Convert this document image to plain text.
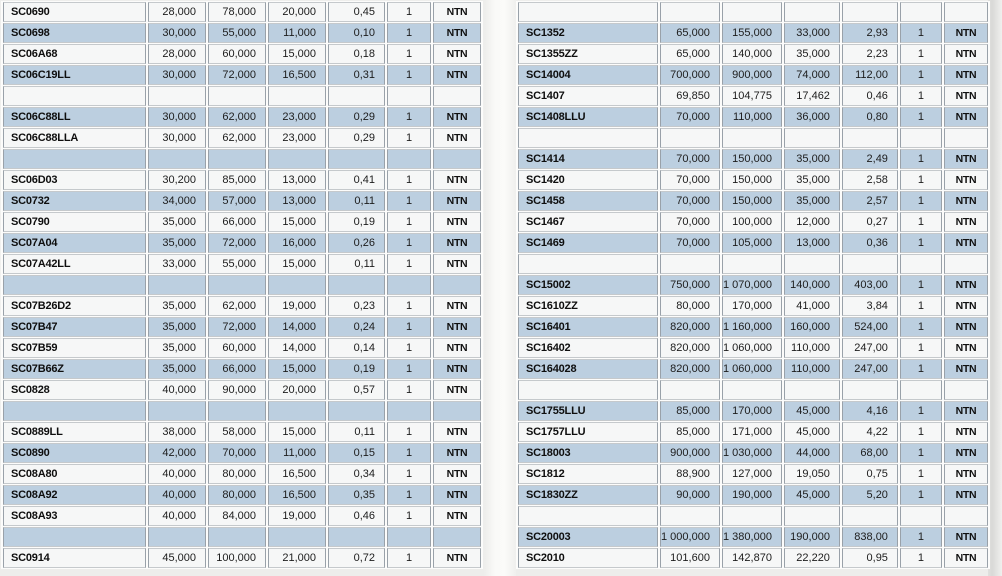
SC0690	28,000	78,000	20,000	0,45	1	NTN
SC0698	30,000	55,000	11,000	0,10	1	NTN
SC06A68	28,000	60,000	15,000	0,18	1	NTN
SC06C19LL	30,000	72,000	16,500	0,31	1	NTN

SC06C88LL	30,000	62,000	23,000	0,29	1	NTN
SC06C88LLA	30,000	62,000	23,000	0,29	1	NTN

SC06D03	30,200	85,000	13,000	0,41	1	NTN
SC0732	34,000	57,000	13,000	0,11	1	NTN
SC0790	35,000	66,000	15,000	0,19	1	NTN
SC07A04	35,000	72,000	16,000	0,26	1	NTN
SC07A42LL	33,000	55,000	15,000	0,11	1	NTN

SC07B26D2	35,000	62,000	19,000	0,23	1	NTN
SC07B47	35,000	72,000	14,000	0,24	1	NTN
SC07B59	35,000	60,000	14,000	0,14	1	NTN
SC07B66Z	35,000	66,000	15,000	0,19	1	NTN
SC0828	40,000	90,000	20,000	0,57	1	NTN

SC0889LL	38,000	58,000	15,000	0,11	1	NTN
SC0890	42,000	70,000	11,000	0,15	1	NTN
SC08A80	40,000	80,000	16,500	0,34	1	NTN
SC08A92	40,000	80,000	16,500	0,35	1	NTN
SC08A93	40,000	84,000	19,000	0,46	1	NTN

SC0914	45,000	100,000	21,000	0,72	1	NTN

SC1352	65,000	155,000	33,000	2,93	1	NTN
SC1355ZZ	65,000	140,000	35,000	2,23	1	NTN
SC14004	700,000	900,000	74,000	112,00	1	NTN
SC1407	69,850	104,775	17,462	0,46	1	NTN
SC1408LLU	70,000	110,000	36,000	0,80	1	NTN

SC1414	70,000	150,000	35,000	2,49	1	NTN
SC1420	70,000	150,000	35,000	2,58	1	NTN
SC1458	70,000	150,000	35,000	2,57	1	NTN
SC1467	70,000	100,000	12,000	0,27	1	NTN
SC1469	70,000	105,000	13,000	0,36	1	NTN

SC15002	750,000	1 070,000	140,000	403,00	1	NTN
SC1610ZZ	80,000	170,000	41,000	3,84	1	NTN
SC16401	820,000	1 160,000	160,000	524,00	1	NTN
SC16402	820,000	1 060,000	110,000	247,00	1	NTN
SC164028	820,000	1 060,000	110,000	247,00	1	NTN

SC1755LLU	85,000	170,000	45,000	4,16	1	NTN
SC1757LLU	85,000	171,000	45,000	4,22	1	NTN
SC18003	900,000	1 030,000	44,000	68,00	1	NTN
SC1812	88,900	127,000	19,050	0,75	1	NTN
SC1830ZZ	90,000	190,000	45,000	5,20	1	NTN

SC20003	1 000,000	1 380,000	190,000	838,00	1	NTN
SC2010	101,600	142,870	22,220	0,95	1	NTN
